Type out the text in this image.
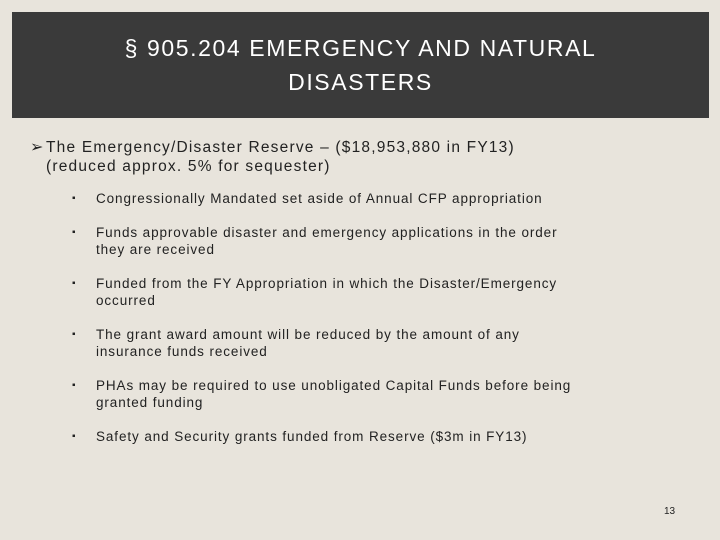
§ 905.204 EMERGENCY AND NATURAL
DISASTERS
➢ The Emergency/Disaster Reserve – ($18,953,880 in FY13)
(reduced approx. 5% for sequester)
▪	Congressionally Mandated set aside of Annual CFP appropriation
▪	Funds approvable disaster and emergency applications in the order
they are received
▪	Funded from the FY Appropriation in which the Disaster/Emergency
occurred
▪	The grant award amount will be reduced by the amount of any
insurance funds received
▪	PHAs may be required to use unobligated Capital Funds before being
granted funding
▪	Safety and Security grants funded from Reserve ($3m in FY13)
13
